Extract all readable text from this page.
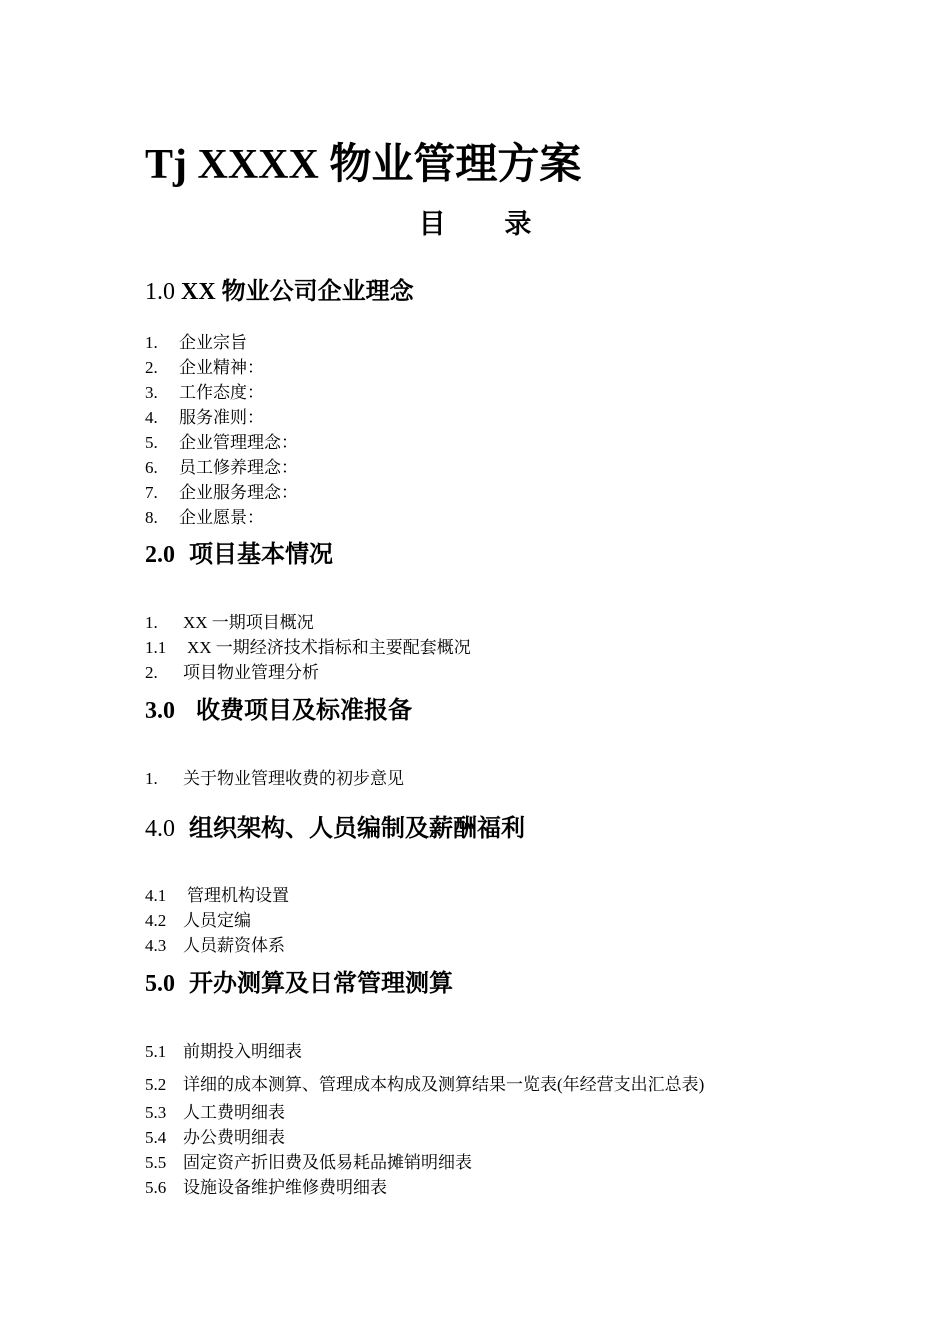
Tj XXXX 物业管理方案
目 录
1.0 XX 物业公司企业理念
1. 企业宗旨
2. 企业精神：
3. 工作态度：
4. 服务准则：
5. 企业管理理念：
6. 员工修养理念：
7. 企业服务理念：
8. 企业愿景：
2.0 项目基本情况
1. XX 一期项目概况
1.1 XX 一期经济技术指标和主要配套概况
2. 项目物业管理分析
3.0 收费项目及标准报备
1. 关于物业管理收费的初步意见
4.0 组织架构、人员编制及薪酬福利
4.1 管理机构设置
4.2 人员定编
4.3 人员薪资体系
5.0 开办测算及日常管理测算
5.1 前期投入明细表
5.2 详细的成本测算、管理成本构成及测算结果一览表(年经营支出汇总表)
5.3 人工费明细表
5.4 办公费明细表
5.5 固定资产折旧费及低易耗品摊销明细表
5.6 设施设备维护维修费明细表
